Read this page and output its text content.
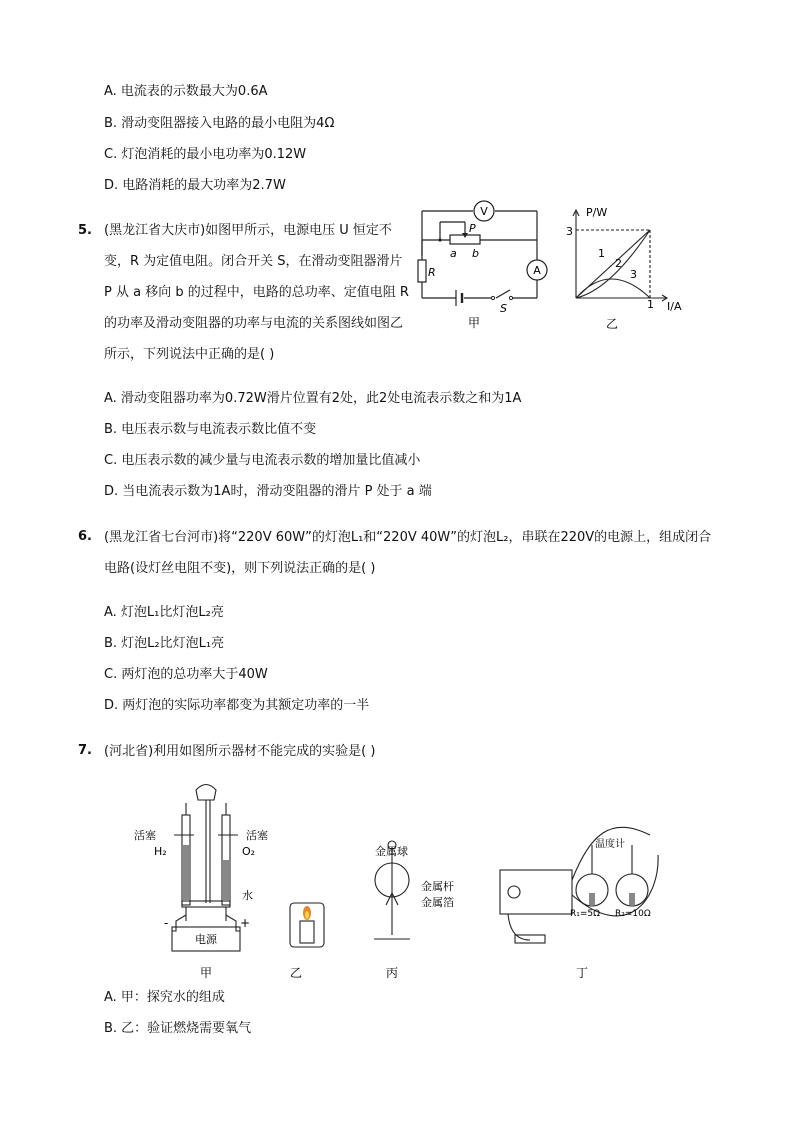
A. 电流表的示数最大为0.6A
B. 滑动变阻器接入电路的最小电阻为4Ω
C. 灯泡消耗的最小电功率为0.12W
D. 电路消耗的最大功率为2.7W
5. (黑龙江省大庆市)如图甲所示，电源电压 U 恒定不变，R 为定值电阻。闭合开关 S，在滑动变阻器滑片 P 从 a 移向 b 的过程中，电路的总功率、定值电阻 R 的功率及滑动变阻器的功率与电流的关系图线如图乙所示，下列说法中正确的是( )
V
A
P
a b
R
S
甲
P/W
I/A
3
1
1
2
3
乙
A. 滑动变阻器功率为0.72W滑片位置有2处，此2处电流表示数之和为1A
B. 电压表示数与电流表示数比值不变
C. 电压表示数的减少量与电流表示数的增加量比值减小
D. 当电流表示数为1A时，滑动变阻器的滑片 P 处于 a 端
6. (黑龙江省七台河市)将“220V 60W”的灯泡L₁和“220V 40W”的灯泡L₂，串联在220V的电源上，组成闭合电路(设灯丝电阻不变)，则下列说法正确的是( )
A. 灯泡L₁比灯泡L₂亮
B. 灯泡L₂比灯泡L₁亮
C. 两灯泡的总功率大于40W
D. 两灯泡的实际功率都变为其额定功率的一半
7. (河北省)利用如图所示器材不能完成的实验是( )
活塞	活塞
H₂	O₂
水
-	+
电源
金属球
金属杆
金属箔
温度计
R₁=5Ω R₂=10Ω
甲	乙	丙	丁
A. 甲：探究水的组成
B. 乙：验证燃烧需要氧气
